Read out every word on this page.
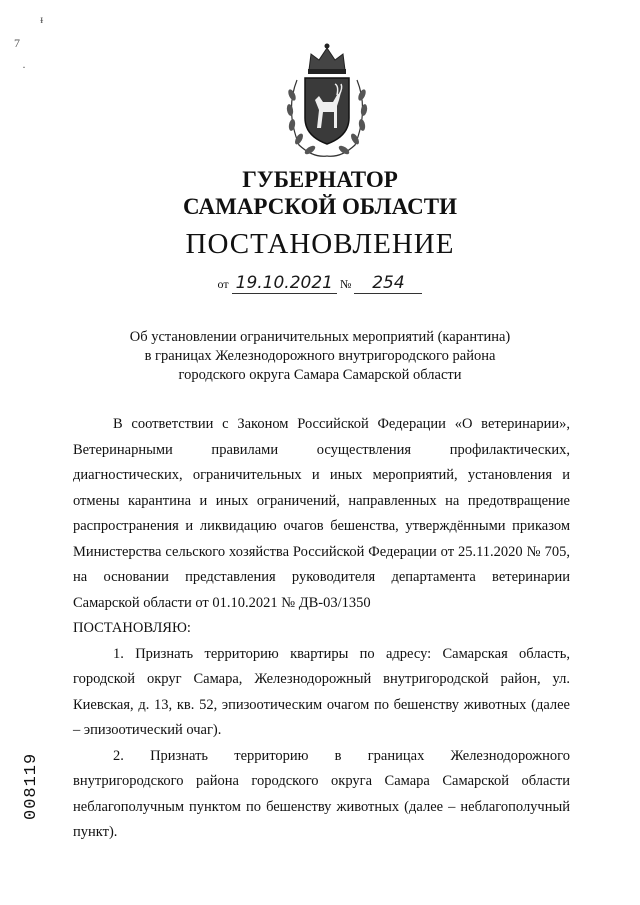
ᵻ
7
·
ГУБЕРНАТОР
САМАРСКОЙ ОБЛАСТИ
ПОСТАНОВЛЕНИЕ
от 19.10.2021 № 254
Об установлении ограничительных мероприятий (карантина)
в границах Железнодорожного внутригородского района
городского округа Самара Самарской области

В соответствии с Законом Российской Федерации «О ветеринарии», Ветеринарными правилами осуществления профилактических, диагностических, ограничительных и иных мероприятий, установления и отмены карантина и иных ограничений, направленных на предотвращение распространения и ликвидацию очагов бешенства, утверждёнными приказом Министерства сельского хозяйства Российской Федерации от 25.11.2020 № 705, на основании представления руководителя департамента ветеринарии Самарской области от 01.10.2021 № ДВ-03/1350

ПОСТАНОВЛЯЮ:

1. Признать территорию квартиры по адресу: Самарская область, городской округ Самара, Железнодорожный внутригородской район, ул. Киевская, д. 13, кв. 52, эпизоотическим очагом по бешенству животных (далее – эпизоотический очаг).

2. Признать территорию в границах Железнодорожного внутригородского района городского округа Самара Самарской области неблагополучным пунктом по бешенству животных (далее – неблагополучный пункт).

008119
